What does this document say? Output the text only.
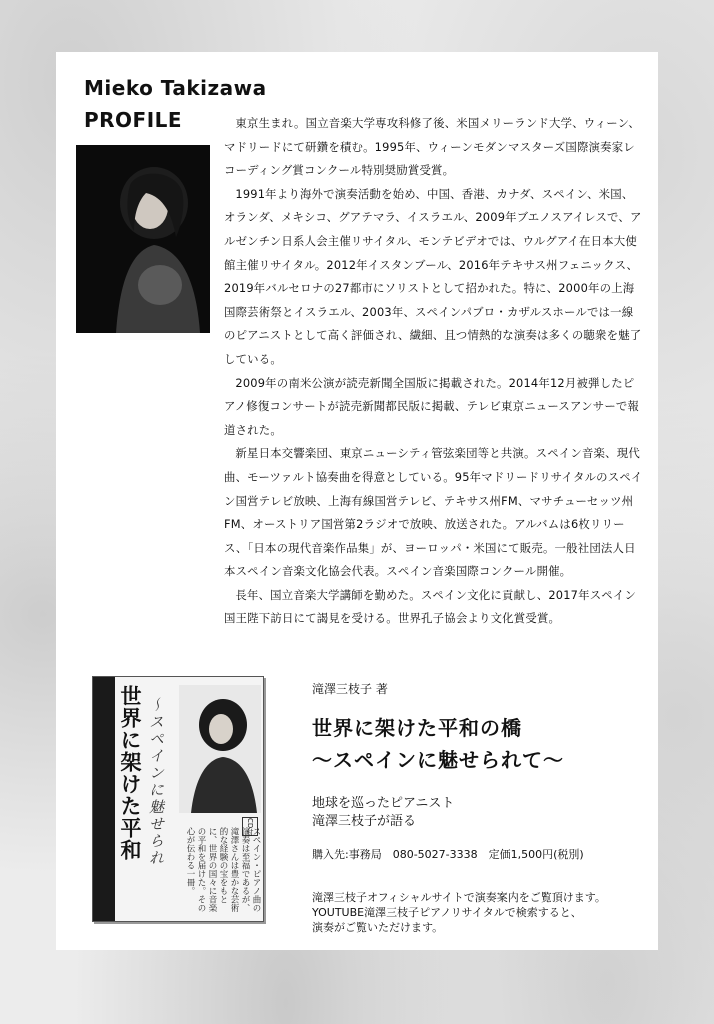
Mieko Takizawa
PROFILE	東京生まれ。国立音楽大学専攻科修了後、米国メリーランド大学、ウィーン、マドリードにて研鑽を積む。1995年、ウィーンモダンマスターズ国際演奏家レコーディング賞コンクール特別奨励賞受賞。

1991年より海外で演奏活動を始め、中国、香港、カナダ、スペイン、米国、オランダ、メキシコ、グアテマラ、イスラエル、2009年ブエノスアイレスで、アルゼンチン日系人会主催リサイタル、モンテビデオでは、ウルグアイ在日本大使館主催リサイタル。2012年イスタンブール、2016年テキサス州フェニックス、2019年バルセロナの27都市にソリストとして招かれた。特に、2000年の上海国際芸術祭とイスラエル、2003年、スペインパブロ・カザルスホールでは一線のピアニストとして高く評価され、繊細、且つ情熱的な演奏は多くの聴衆を魅了している。

2009年の南米公演が読売新聞全国版に掲載された。2014年12月被弾したピアノ修復コンサートが読売新聞都民版に掲載、テレビ東京ニュースアンサーで報道された。

新星日本交響楽団、東京ニューシティ管弦楽団等と共演。スペイン音楽、現代曲、モーツァルト協奏曲を得意としている。95年マドリードリサイタルのスペイン国営テレビ放映、上海有線国営テレビ、テキサス州FM、マサチューセッツ州FM、オーストリア国営第2ラジオで放映、放送された。アルバムは6枚リリース、「日本の現代音楽作品集」が、ヨーロッパ・米国にて販売。一般社団法人日本スペイン音楽文化協会代表。スペイン音楽国際コンクール開催。

長年、国立音楽大学講師を勤めた。スペイン文化に貢献し、2017年スペイン国王陛下訪日にて謁見を受ける。世界孔子協会より文化賞受賞。

世界に架けた平和 〜スペインに魅せられ	CD付
スペイン・ピアノ曲の演奏は至福であるが、滝澤さんは豊かな芸術的な経験の宝をもとに、世界の国々に音楽の平和を届けた。その心が伝わる一冊。
滝澤三枝子 著
世界に架けた平和の橋
〜スペインに魅せられて〜
地球を巡ったピアニスト
滝澤三枝子が語る
購入先:事務局　080-5027-3338　定価1,500円(税別)
滝澤三枝子オフィシャルサイトで演奏案内をご覧頂けます。
YOUTUBE滝澤三枝子ピアノリサイタルで検索すると、
演奏がご覧いただけます。
